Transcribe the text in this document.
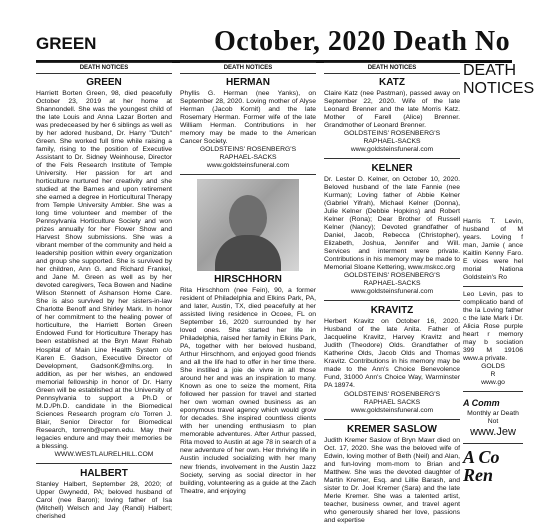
GREEN	October, 2020 Death No
DEATH NOTICES
GREEN

Harriett Borten Green, 98, died peacefully October 23, 2019 at her home at Shannondell. She was the youngest child of the late Louis and Anna Lazar Borten and was predeceased by her 6 siblings as well as by her adored husband, Dr. Harry "Dutch" Green. She worked full time while raising a family, rising to the position of Executive Assistant to Dr. Sidney Weinhouse, Director of the Fels Research Institute of Temple University. Her passion for art and horticulture nurtured her creativity and she studied at the Barnes and upon retirement she earned a degree in Horticultural Therapy from Temple University Ambler. She was a long time volunteer and member of the Pennsylvania Horticulture Society and won prizes annually for her Flower Show and Harvest Show submissions. She was a vibrant member of the community and held a leadership position within every organization and group she supported. She is survived by her children, Ann G. and Richard Frankel, and Jane M. Green as well as by her devoted caregivers, Teca Bowen and Nadine Wilson Stennett of Ashanson Home Care. She is also survived by her sisters-in-law Charlotte Benoff and Shirley Mark. In honor of her commitment to the healing power of horticulture, the Harriett Borten Green Endowed Fund for Horticulture Therapy has been established at the Bryn Mawr Rehab Hospital of Main Line Health System c/o Karen E. Gadson, Executive Director of Development, GadsonK@mlhs.org. In addition, as per her wishes, an endowed memorial fellowship in honor of Dr. Harry Green will be established at the University of Pennsylvania to support a Ph.D or M.D./Ph.D. candidate in the Biomedical Sciences Research program c/o Torren J. Blair, Senior Director for Biomedical Research, torrenb@upenn.edu. May their legacies endure and may their memories be a blessing.

WWW.WESTLAURELHILL.COM
HALBERT

Stanley Halbert, September 28, 2020; of Upper Gwynedd, PA; beloved husband of Carol (nee Baron); loving father of Isa (Mitchell) Welsch and Jay (Randi) Halbert; cherished

DEATH NOTICES
HERMAN

Phyllis G. Herman (nee Yanks), on September 28, 2020. Loving mother of Alyse Herman (Jacob Kornit) and the late Rosemary Herman. Former wife of the late William Herman. Contributions in her memory may be made to the American Cancer Society.

GOLDSTEINS' ROSENBERG'S
RAPHAEL-SACKS
www.goldsteinsfuneral.com
HIRSCHHORN

Rita Hirschhorn (nee Fein), 90, a former resident of Philadelphia and Elkins Park, PA, and later, Austin, TX, died peacefully at her assisted living residence in Ocoee, FL on September 16, 2020 surrounded by her loved ones. She started her life in Philadelphia, raised her family in Elkins Park, PA, together with her beloved husband, Arthur Hirschhorn, and enjoyed good friends and all the life had to offer in her time there. She instilled a joie de vivre in all those around her and was an inspiration to many. Known as one to seize the moment, Rita followed her passion for travel and started her own woman owned business as an eponymous travel agency which would grow for decades. She inspired countless clients with her unending enthusiasm to plan memorable adventures. After Arthur passed, Rita moved to Austin at age 78 in search of a new adventure of her own. Her thriving life in Austin included socializing with her many new friends, involvement in the Austin Jazz Society, serving as social director in her building, volunteering as a guide at the Zach Theatre, and enjoying

DEATH NOTICES
KATZ

Claire Katz (nee Pastman), passed away on September 22, 2020. Wife of the late Leonard Brenner and the late Morris Katz. Mother of Farell (Alice) Brenner. Grandmother of Leonard Brenner.

GOLDSTEINS' ROSENBERG'S
RAPHAEL-SACKS
www.goldsteinsfuneral.com
KELNER

Dr. Lester D. Kelner, on October 10, 2020. Beloved husband of the late Fannie (nee Kurman); Loving father of Abbie Kelner (Gabriel Yifrah), Michael Kelner (Donna), Julie Kelner (Debbie Hopkins) and Robert Kelner (Rona); Dear Brother of Russell Kelner (Nancy); Devoted grandfather of Daniel, Jacob, Rebecca (Christopher), Elizabeth, Joshua, Jennifer and Will. Services and interment were private. Contributions in his memory may be made to Memorial Sloane Kettering, www.mskcc.org

GOLDSTEINS' ROSENBERG'S
RAPHAEL-SACKS
www.goldsteinsfuneral.com
KRAVITZ

Herbert Kravitz on October 16, 2020. Husband of the late Anita. Father of Jacqueline Kravitz, Harvey Kravitz and Judith (Theodore) Olds. Grandfather of Katherine Olds, Jacob Olds and Thomas Kravitz. Contributions in his memory may be made to the Ann's Choice Benevolence Fund, 31000 Ann's Choice Way, Warminster PA 18974.

GOLDSTEINS' ROSENBERG'S
RAPHAEL SACKS
www.goldsteinsfuneral.com
KREMER SASLOW

Judith Kremer Saslow of Bryn Mawr died on Oct. 17, 2020. She was the beloved wife of Edwin, loving mother of Beth (Neil) and Alan, and fun-loving mom-mom to Brian and Matthew. She was the devoted daughter of Martin Kremer, Esq. and Lillie Barash, and sister to Dr. Joel Kremer (Sara) and the late Merle Kremer. She was a talented artist, teacher, business owner, and travel agent who generously shared her love, passions and expertise

DEATH NOTICES

Harris T. Levin, husband of M years. Loving f man, Jamie ( ance Kaitlin Kenny Faro. E vices were hel morial Nationa Goldstein's Ro

Leo Levin, pas to complicatio band of the la Loving father c the late Mark i Dr. Alicia Rose purple heart r memory may b sociation 399 M 19106 www.a private.

GOLDS
R
www.go
A Comm
Monthly ar Death Not
www.Jew
A Co
Ren
